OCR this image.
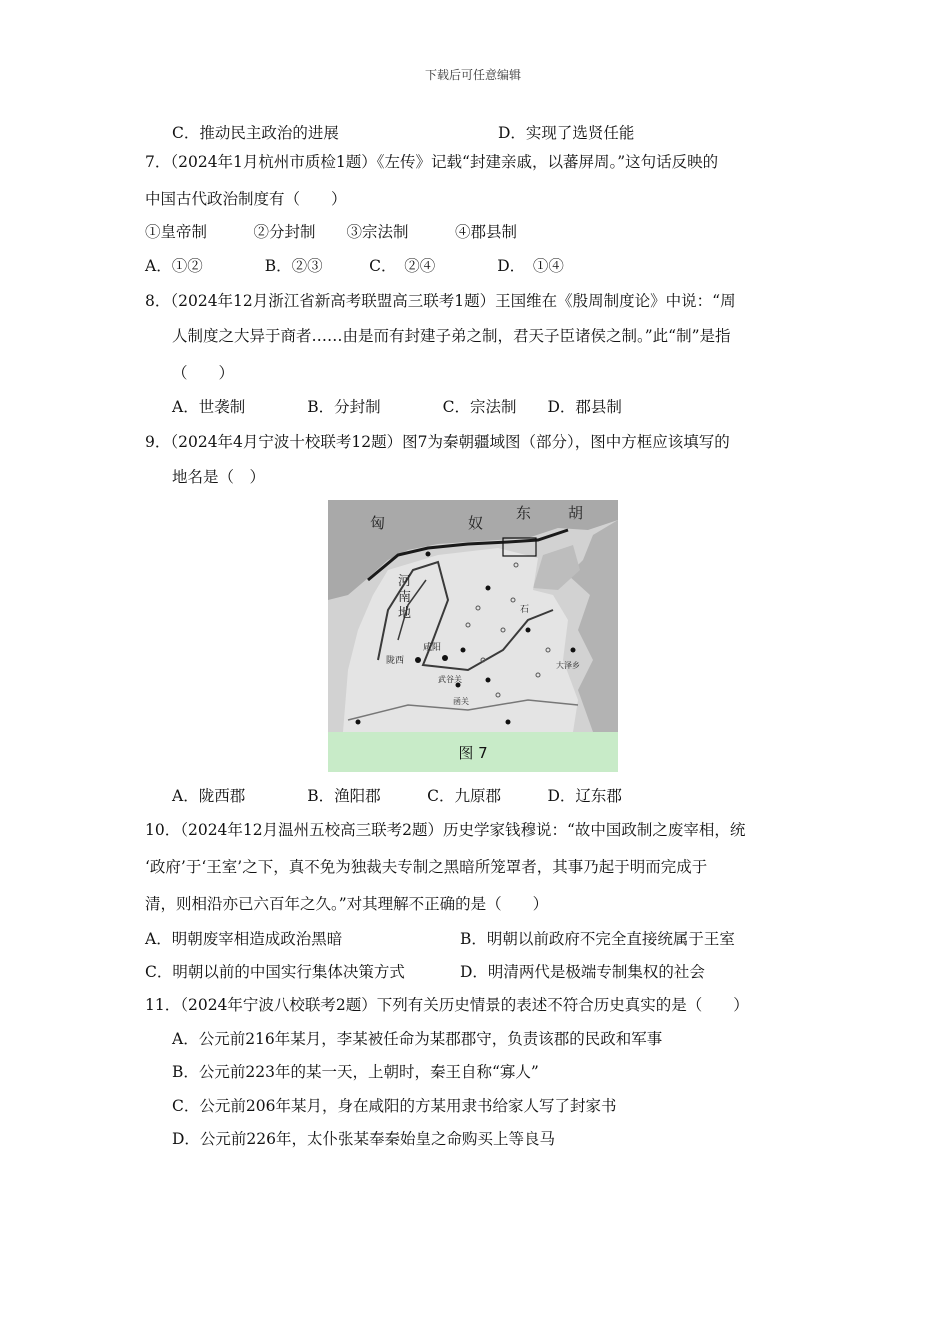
下载后可任意编辑
C．推动民主政治的进展	D．实现了选贤任能
7．（2024年1月杭州市质检1题）《左传》记载“封建亲戚，以蕃屏周。”这句话反映的
中国古代政治制度有（　　）
①皇帝制　　　②分封制　　③宗法制　　　④郡县制
A．①②　　　　B．②③　　　C．　②④　　　　D．　①④
8．（2024年12月浙江省新高考联盟高三联考1题）王国维在《殷周制度论》中说：“周
人制度之大异于商者……由是而有封建子弟之制，君天子臣诸侯之制。”此“制”是指
（　　）
A．世袭制　　　　B．分封制　　　　C．宗法制　　D．郡县制
9．（2024年4月宁波十校联考12题）图7为秦朝疆域图（部分），图中方框应该填写的
地名是（　）
匈	奴
东 胡
河
南
地
咸阳
陇西
武谷关
函关
大泽乡
石
图 7
A．陇西郡　　　　B．渔阳郡　　　C．九原郡　　　D．辽东郡
10．（2024年12月温州五校高三联考2题）历史学家钱穆说：“故中国政制之废宰相，统
‘政府’于‘王室’之下，真不免为独裁夫专制之黑暗所笼罩者，其事乃起于明而完成于
清，则相沿亦已六百年之久。”对其理解不正确的是（　　）
A．明朝废宰相造成政治黑暗	B．明朝以前政府不完全直接统属于王室
C．明朝以前的中国实行集体决策方式	D．明清两代是极端专制集权的社会
11．（2024年宁波八校联考2题）下列有关历史情景的表述不符合历史真实的是（　　）
A．公元前216年某月，李某被任命为某郡郡守，负责该郡的民政和军事
B．公元前223年的某一天，上朝时，秦王自称“寡人”
C．公元前206年某月，身在咸阳的方某用隶书给家人写了封家书
D．公元前226年，太仆张某奉秦始皇之命购买上等良马
